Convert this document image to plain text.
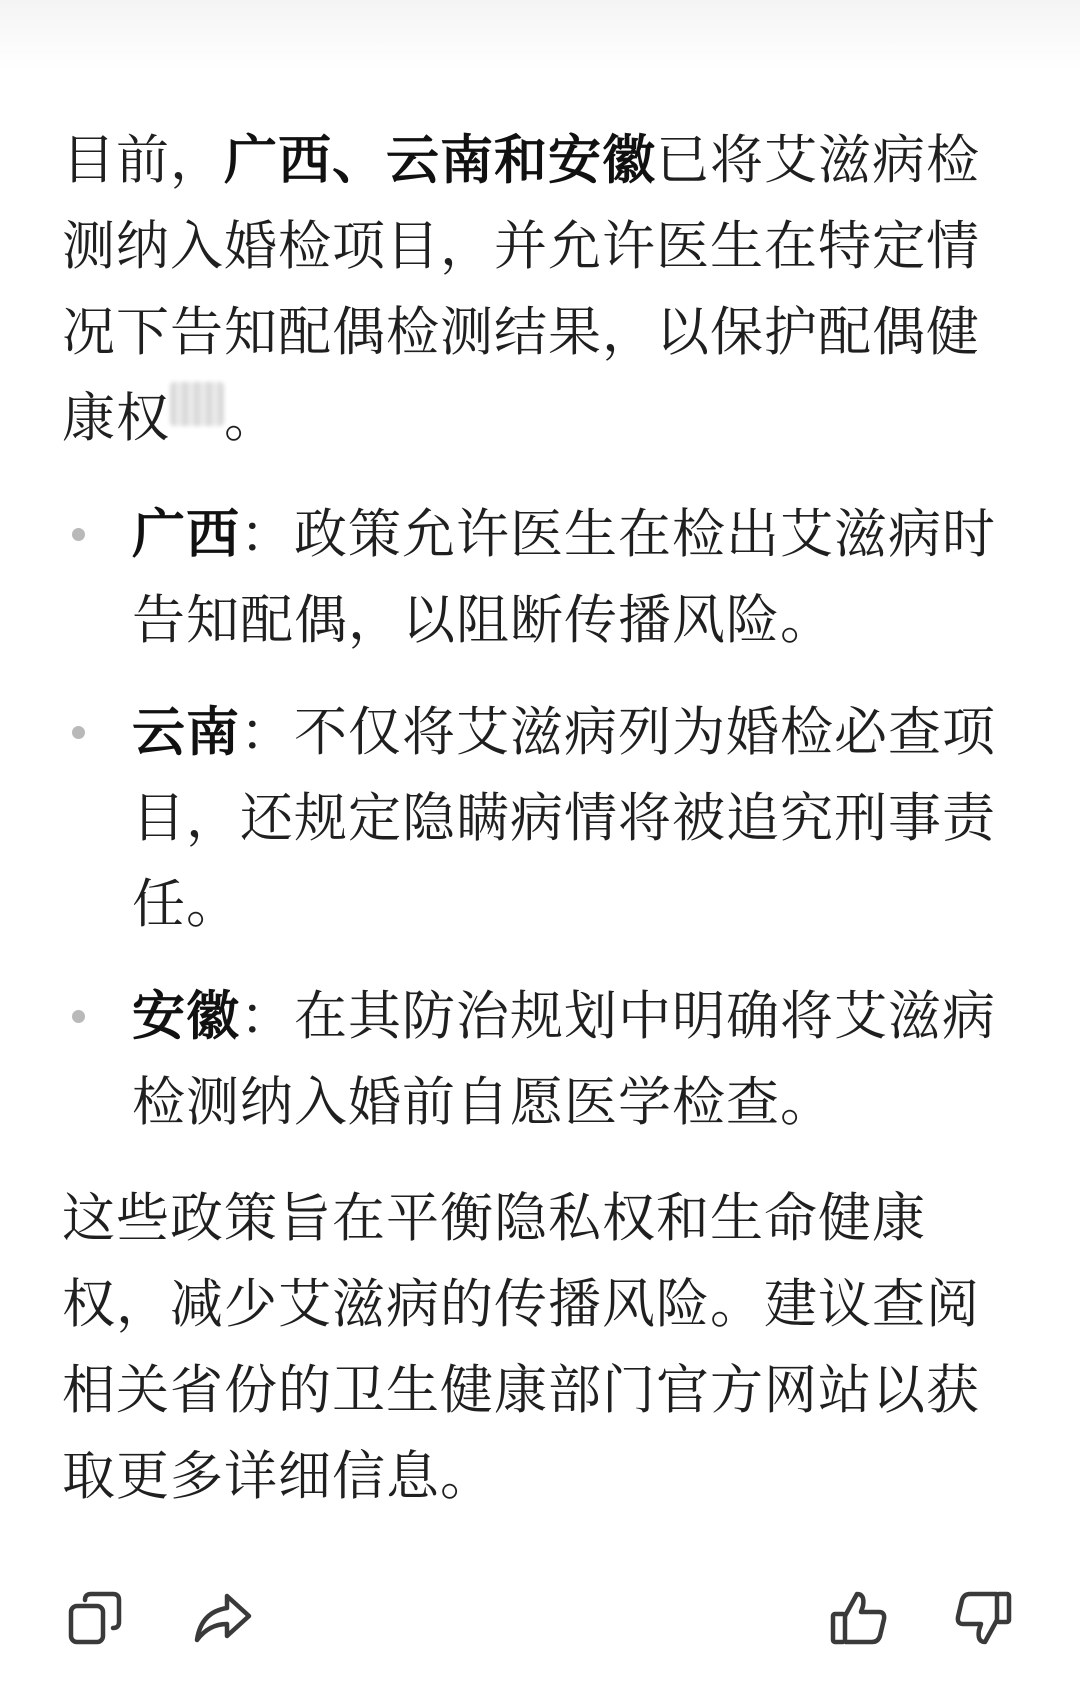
目前，广西、云南和安徽已将艾滋病检测纳入婚检项目，并允许医生在特定情况下告知配偶检测结果，以保护配偶健康权 。

广西：政策允许医生在检出艾滋病时告知配偶，以阻断传播风险。
云南：不仅将艾滋病列为婚检必查项目，还规定隐瞒病情将被追究刑事责任。
安徽：在其防治规划中明确将艾滋病检测纳入婚前自愿医学检查。

这些政策旨在平衡隐私权和生命健康权，减少艾滋病的传播风险。建议查阅相关省份的卫生健康部门官方网站以获取更多详细信息。
